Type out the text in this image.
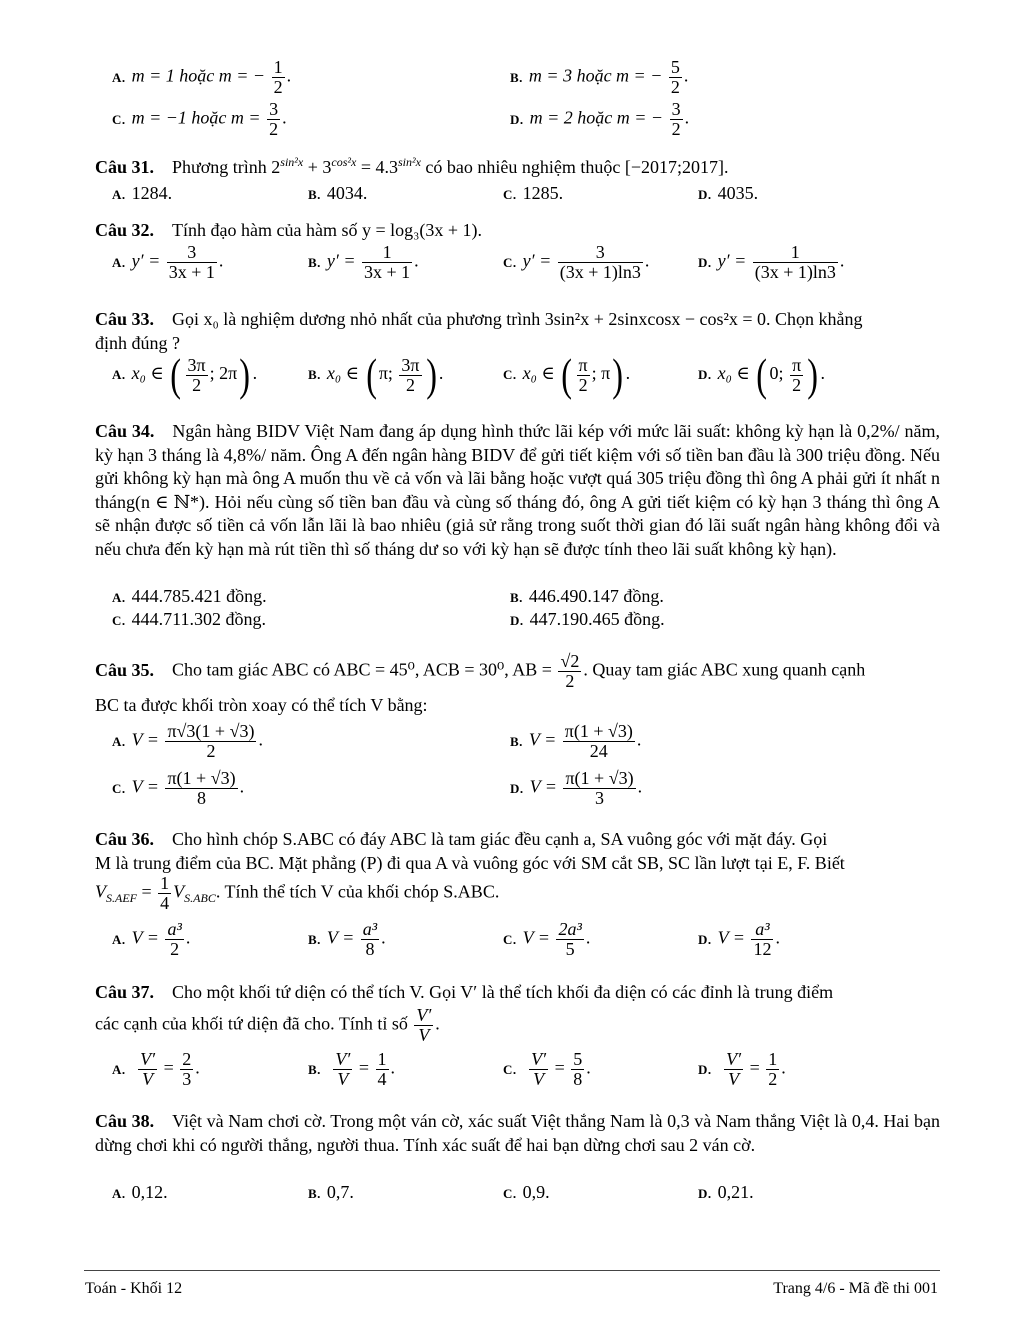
A. m = 1 hoặc m = − $\frac{1}{2}$ .	B. m = 3 hoặc m = − $\frac{5}{2}$ .
C. m = −1 hoặc $m = \frac{3}{2}$ .	D. m = 2 hoặc m = − $\frac{3}{2}$ .
Câu 31. Phương trình $2^{sin^2x} + 3^{cos^2x} = 4.3^{sin^2x}$ có bao nhiêu nghiệm thuộc [−2017;2017].
A. 1284.	B. 4034.	C. 1285.	D. 4035.
Câu 32. Tính đạo hàm của hàm số y = log₃(3x + 1).
A. $y' = \frac{3}{3x + 1}$ .	B. $y' = \frac{1}{3x + 1}$ .	C. $y' = \frac{3}{(3x + 1)\ln 3}$ .	D. $y' = \frac{1}{(3x + 1)\ln 3}$ .
Câu 33. Gọi x₀ là nghiệm dương nhỏ nhất của phương trình 3sin²x + 2sinxcosx − cos²x = 0. Chọn khẳng
định đúng ?
A. x₀ ∈ ( $\frac{3\pi}{2}$ ; 2π) .	B. x₀ ∈ ( π; $\frac{3\pi}{2}$ ) .	C. x₀ ∈ ( $\frac{\pi}{2}$ ; π) .	D. x₀ ∈ ( 0; $\frac{\pi}{2}$ ) .
Câu 34. Ngân hàng BIDV Việt Nam đang áp dụng hình thức lãi kép với mức lãi suất: không kỳ hạn là 0,2%/ năm, kỳ hạn 3 tháng là 4,8%/ năm. Ông A đến ngân hàng BIDV để gửi tiết kiệm với số tiền ban đầu là 300 triệu đồng. Nếu gửi không kỳ hạn mà ông A muốn thu về cả vốn và lãi bằng hoặc vượt quá 305 triệu đồng thì ông A phải gửi ít nhất n tháng(n ∈ ℕ*). Hỏi nếu cùng số tiền ban đầu và cùng số tháng đó, ông A gửi tiết kiệm có kỳ hạn 3 tháng thì ông A sẽ nhận được số tiền cả vốn lẫn lãi là bao nhiêu (giả sử rằng trong suốt thời gian đó lãi suất ngân hàng không đổi và nếu chưa đến kỳ hạn mà rút tiền thì số tháng dư so với kỳ hạn sẽ được tính theo lãi suất không kỳ hạn).
A. 444.785.421 đồng.	B. 446.490.147 đồng.
C. 444.711.302 đồng.	D. 447.190.465 đồng.
Câu 35. Cho tam giác ABC có ABC = 45⁰, ACB = 30⁰, AB = $\frac{√2}{2}$ . Quay tam giác ABC xung quanh cạnh
BC ta được khối tròn xoay có thể tích V bằng:
A. $V = \frac{\pi√3(1 + √3)}{2}$ .	B. $V = \frac{\pi(1 + √3)}{24}$ .
C. $V = \frac{\pi(1 + √3)}{8}$ .	D. $V = \frac{\pi(1 + √3)}{3}$ .
Câu 36. Cho hình chóp S.ABC có đáy ABC là tam giác đều cạnh a, SA vuông góc với mặt đáy. Gọi
M là trung điểm của BC. Mặt phẳng (P) đi qua A và vuông góc với SM cắt SB, SC lần lượt tại E, F. Biết
$V_{S.AEF} = \frac{1}{4} V_{S.ABC}$. Tính thể tích V của khối chóp S.ABC.
A. $V = \frac{\text{a³}}{2}$ .	B. $V = \frac{\text{a³}}{8}$ .	C. $V = \frac{\text{2a³}}{5}$ .	D. $V = \frac{\text{a³}}{12}$ .
Câu 37. Cho một khối tứ diện có thể tích V. Gọi V′ là thể tích khối đa diện có các đỉnh là trung điểm
các cạnh của khối tứ diện đã cho. Tính tỉ số $\frac{V'}{V}$ .
A. $\frac{V'}{V} = \frac{2}{3}$ .	B. $\frac{V'}{V} = \frac{1}{4}$ .	C. $\frac{V'}{V} = \frac{5}{8}$ .	D. $\frac{V'}{V} = \frac{1}{2}$ .
Câu 38. Việt và Nam chơi cờ. Trong một ván cờ, xác suất Việt thắng Nam là 0,3 và Nam thắng Việt là 0,4. Hai bạn dừng chơi khi có người thắng, người thua. Tính xác suất để hai bạn dừng chơi sau 2 ván cờ.
A. 0,12.	B. 0,7.	C. 0,9.	D. 0,21.
Toán - Khối 12	Trang 4/6 - Mã đề thi 001
